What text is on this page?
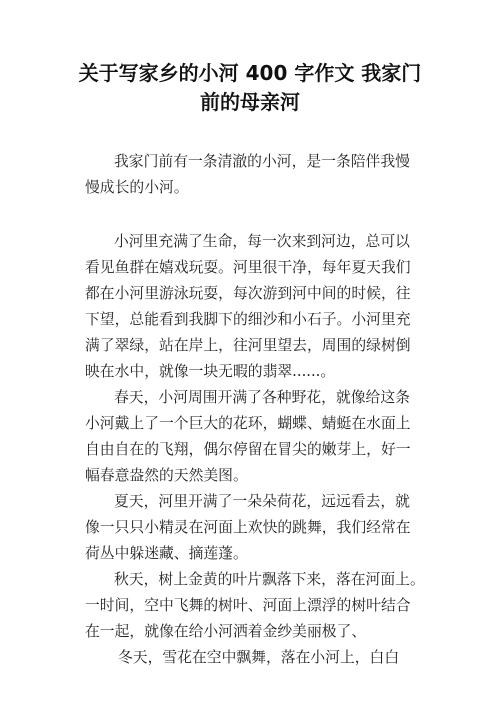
关于写家乡的小河 400 字作文 我家门
前的母亲河
我家门前有一条清澈的小河，是一条陪伴我慢
慢成长的小河。
小河里充满了生命，每一次来到河边，总可以
看见鱼群在嬉戏玩耍。河里很干净，每年夏天我们
都在小河里游泳玩耍，每次游到河中间的时候，往
下望，总能看到我脚下的细沙和小石子。小河里充
满了翠绿，站在岸上，往河里望去，周围的绿树倒
映在水中，就像一块无暇的翡翠......。
春天，小河周围开满了各种野花，就像给这条
小河戴上了一个巨大的花环，蝴蝶、蜻蜓在水面上
自由自在的飞翔，偶尔停留在冒尖的嫩芽上，好一
幅春意盎然的天然美图。
夏天，河里开满了一朵朵荷花，远远看去，就
像一只只小精灵在河面上欢快的跳舞，我们经常在
荷丛中躲迷藏、摘莲蓬。
秋天，树上金黄的叶片飘落下来，落在河面上。
一时间，空中飞舞的树叶、河面上漂浮的树叶结合
在一起，就像在给小河洒着金纱美丽极了、
冬天，雪花在空中飘舞，落在小河上，白白
